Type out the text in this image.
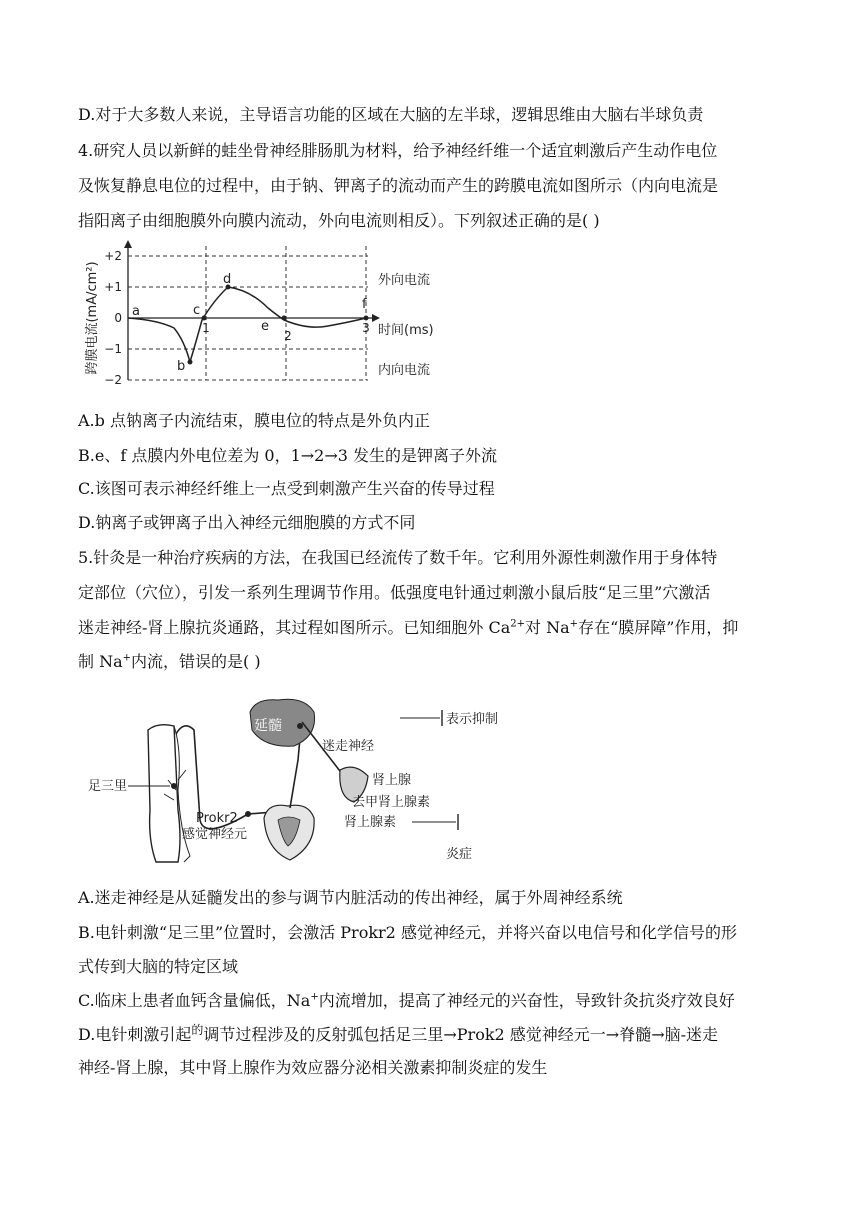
D.对于大多数人来说，主导语言功能的区域在大脑的左半球，逻辑思维由大脑右半球负责
4.研究人员以新鲜的蛙坐骨神经腓肠肌为材料，给予神经纤维一个适宜刺激后产生动作电位
及恢复静息电位的过程中，由于钠、钾离子的流动而产生的跨膜电流如图所示（内向电流是
指阳离子由细胞膜外向膜内流动，外向电流则相反）。下列叙述正确的是( )
跨膜电流(mA/cm²)
+2
+1
0
−1
−2
时间(ms)
1
2
3
a
b
c
d
e
f
外向电流
内向电流
A.b 点钠离子内流结束，膜电位的特点是外负内正
B.e、f 点膜内外电位差为 0，1→2→3 发生的是钾离子外流
C.该图可表示神经纤维上一点受到刺激产生兴奋的传导过程
D.钠离子或钾离子出入神经元细胞膜的方式不同
5.针灸是一种治疗疾病的方法，在我国已经流传了数千年。它利用外源性刺激作用于身体特
定部位（穴位），引发一系列生理调节作用。低强度电针通过刺激小鼠后肢“足三里”穴激活
迷走神经-肾上腺抗炎通路，其过程如图所示。已知细胞外 $Ca^{2+}$对 Na+存在“膜屏障”作用，抑
制 Na+内流，错误的是( )
足三里
Prokr2
感觉神经元
延髓
迷走神经
肾上腺
去甲肾上腺素
肾上腺素
炎症
表示抑制
A.迷走神经是从延髓发出的参与调节内脏活动的传出神经，属于外周神经系统
B.电针刺激“足三里”位置时，会激活 Prokr2 感觉神经元，并将兴奋以电信号和化学信号的形
式传到大脑的特定区域
C.临床上患者血钙含量偏低，Na+内流增加，提高了神经元的兴奋性，导致针灸抗炎疗效良好
D.电针刺激引起$^的$调节过程涉及的反射弧包括足三里→Prok2 感觉神经元一→脊髓→脑-迷走
神经-肾上腺，其中肾上腺作为效应器分泌相关激素抑制炎症的发生
